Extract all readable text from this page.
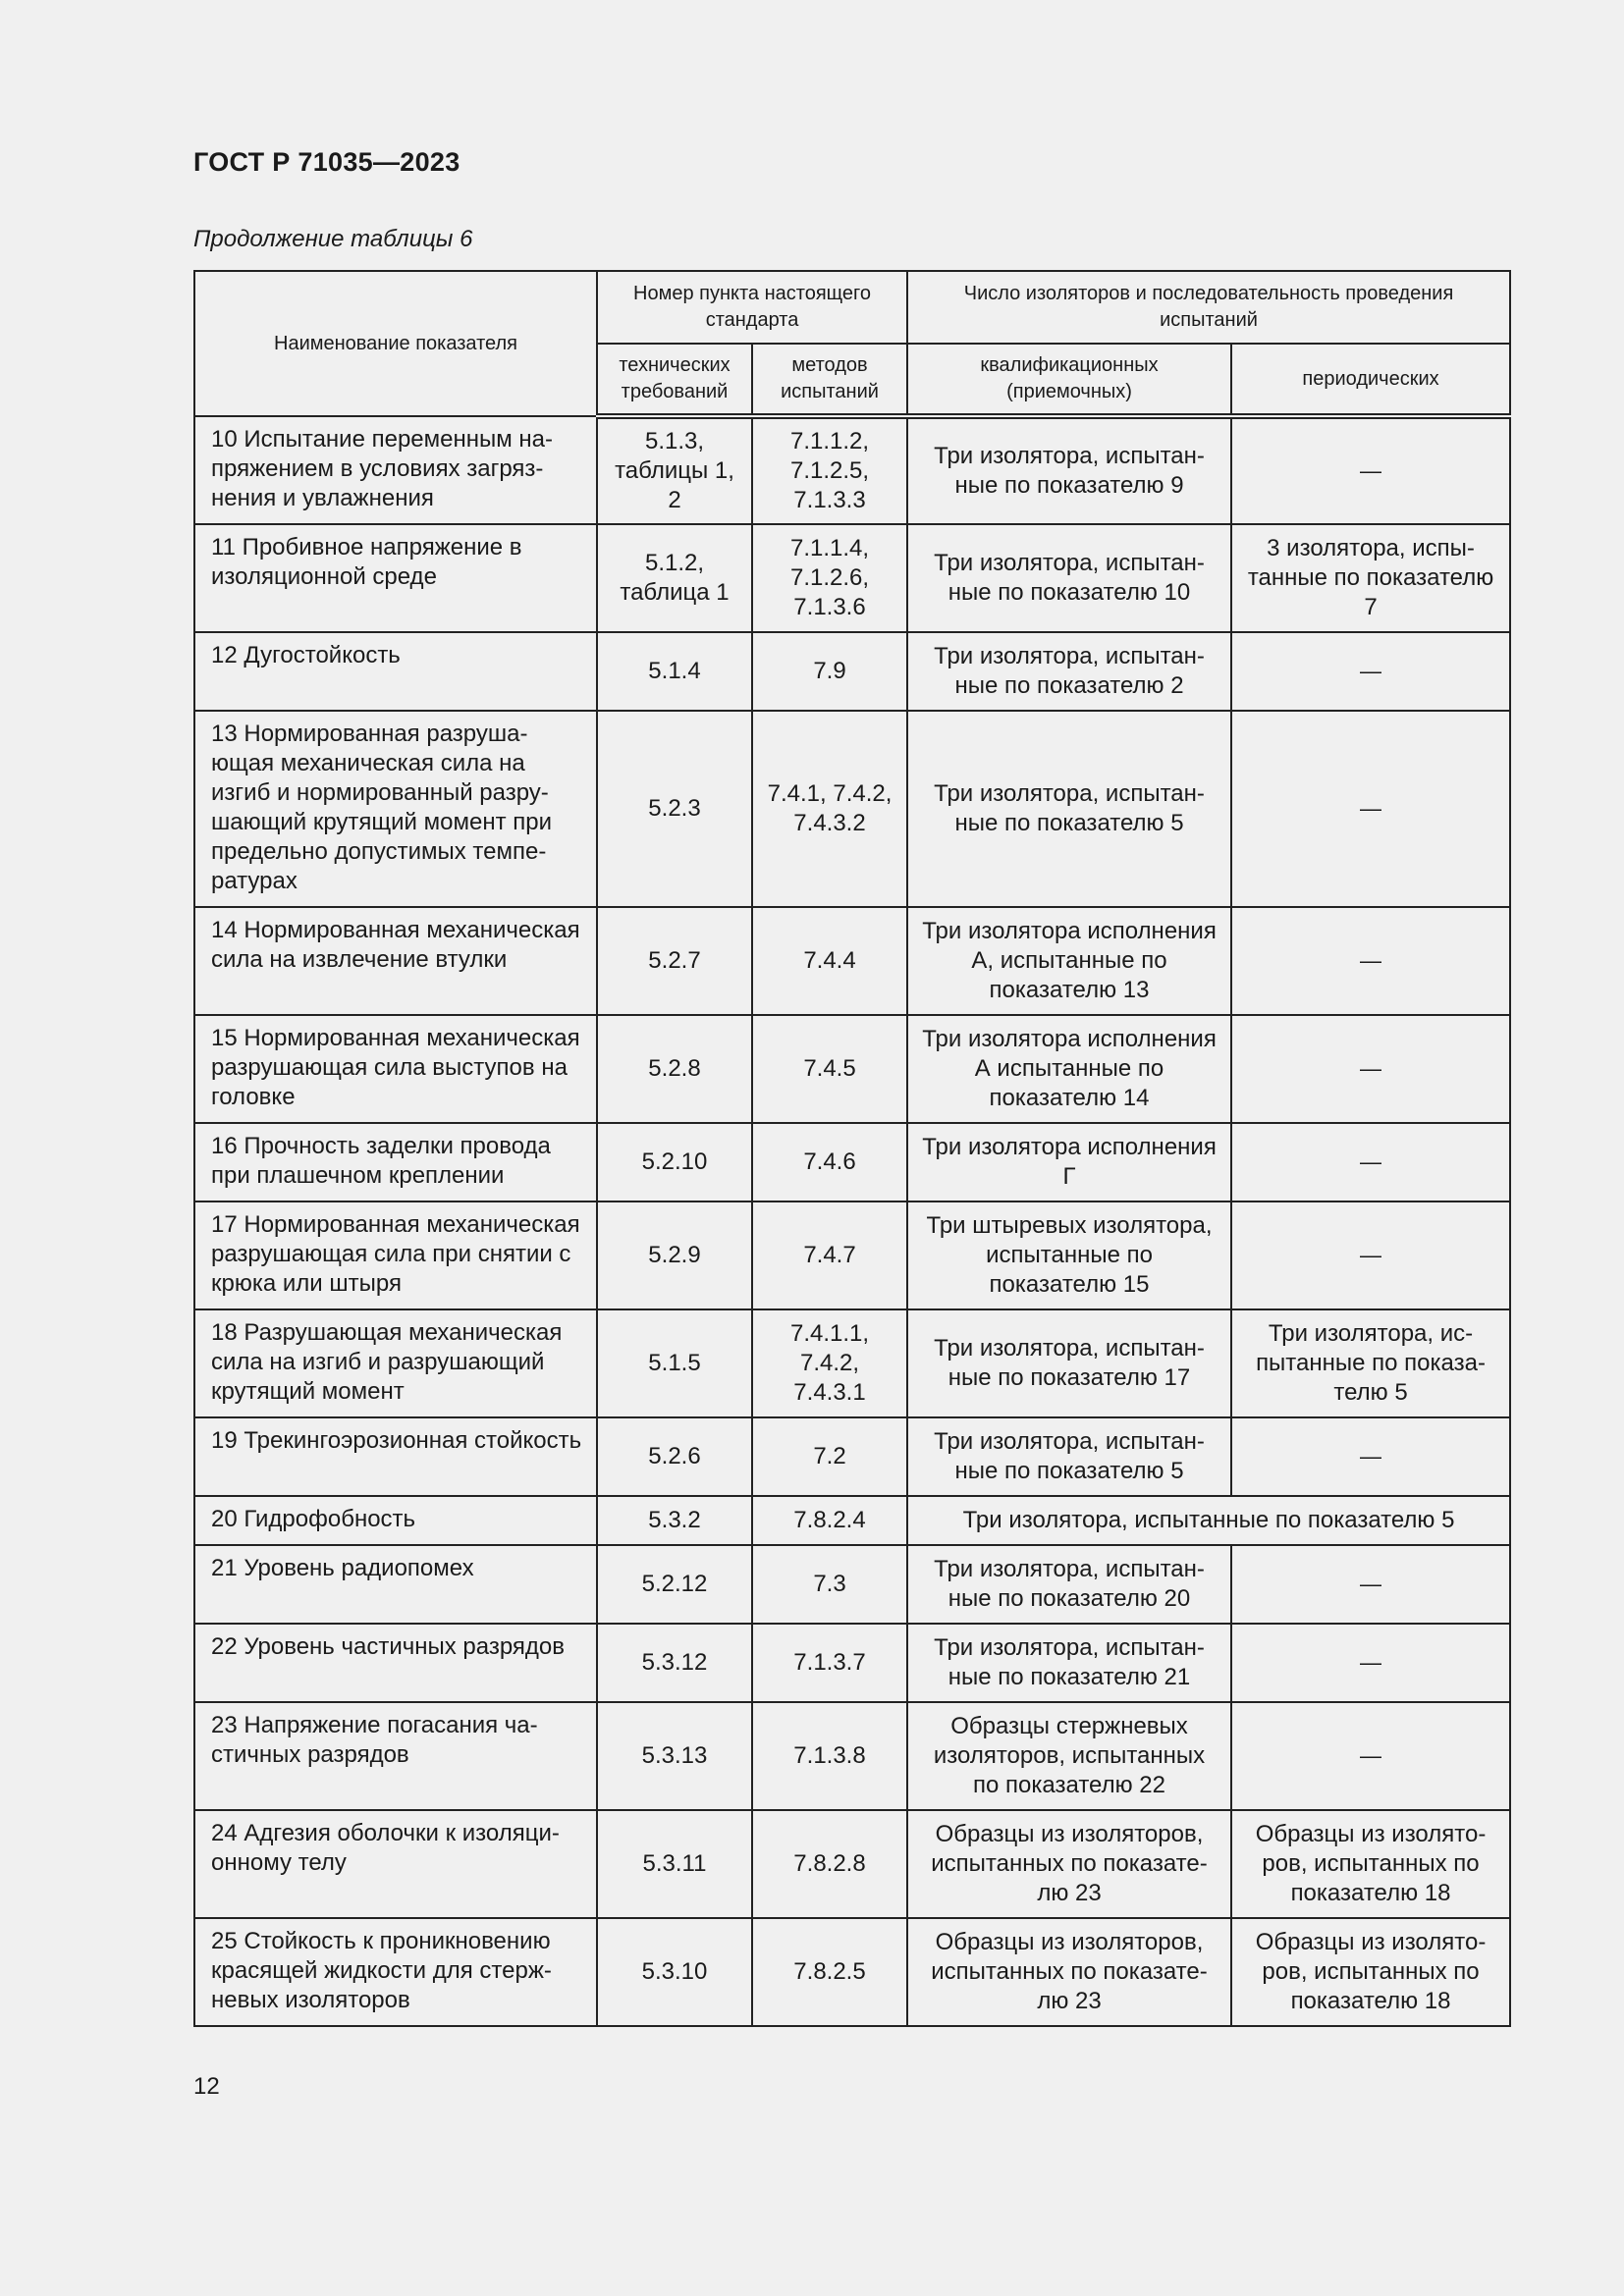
ГОСТ Р 71035—2023
Продолжение таблицы 6
Наименование показателя	Номер пункта настоящего стандарта		Число изоляторов и последовательность проведения испытаний	
	технических требований	методов испытаний	квалификационных (приемочных)	периодических
10 Испытание переменным напряжением в условиях загрязнения и увлажнения	5.1.3, таблицы 1, 2	7.1.1.2, 7.1.2.5, 7.1.3.3	Три изолятора, испытанные по показателю 9	—
11 Пробивное напряжение в изоляционной среде	5.1.2, таблица 1	7.1.1.4, 7.1.2.6, 7.1.3.6	Три изолятора, испытанные по показателю 10	3 изолятора, испытанные по показателю 7
12 Дугостойкость	5.1.4	7.9	Три изолятора, испытанные по показателю 2	—
13 Нормированная разрушающая механическая сила на изгиб и нормированный разрушающий крутящий момент при предельно допустимых температурах	5.2.3	7.4.1, 7.4.2, 7.4.3.2	Три изолятора, испытанные по показателю 5	—
14 Нормированная механическая сила на извлечение втулки	5.2.7	7.4.4	Три изолятора исполнения А, испытанные по показателю 13	—
15 Нормированная механическая разрушающая сила выступов на головке	5.2.8	7.4.5	Три изолятора исполнения А испытанные по показателю 14	—
16 Прочность заделки провода при плашечном креплении	5.2.10	7.4.6	Три изолятора исполнения Г	—
17 Нормированная механическая разрушающая сила при снятии с крюка или штыря	5.2.9	7.4.7	Три штыревых изолятора, испытанные по показателю 15	—
18 Разрушающая механическая сила на изгиб и разрушающий крутящий момент	5.1.5	7.4.1.1, 7.4.2, 7.4.3.1	Три изолятора, испытанные по показателю 17	Три изолятора, испытанные по показателю 5
19 Трекингоэрозионная стойкость	5.2.6	7.2	Три изолятора, испытанные по показателю 5	—
20 Гидрофобность	5.3.2	7.8.2.4	Три изолятора, испытанные по показателю 5	
21 Уровень радиопомех	5.2.12	7.3	Три изолятора, испытанные по показателю 20	—
22 Уровень частичных разрядов	5.3.12	7.1.3.7	Три изолятора, испытанные по показателю 21	—
23 Напряжение погасания частичных разрядов	5.3.13	7.1.3.8	Образцы стержневых изоляторов, испытанных по показателю 22	—
24 Адгезия оболочки к изоляционному телу	5.3.11	7.8.2.8	Образцы из изоляторов, испытанных по показателю 23	Образцы из изоляторов, испытанных по показателю 18
25 Стойкость к проникновению красящей жидкости для стержневых изоляторов	5.3.10	7.8.2.5	Образцы из изоляторов, испытанных по показателю 23	Образцы из изоляторов, испытанных по показателю 18
12
